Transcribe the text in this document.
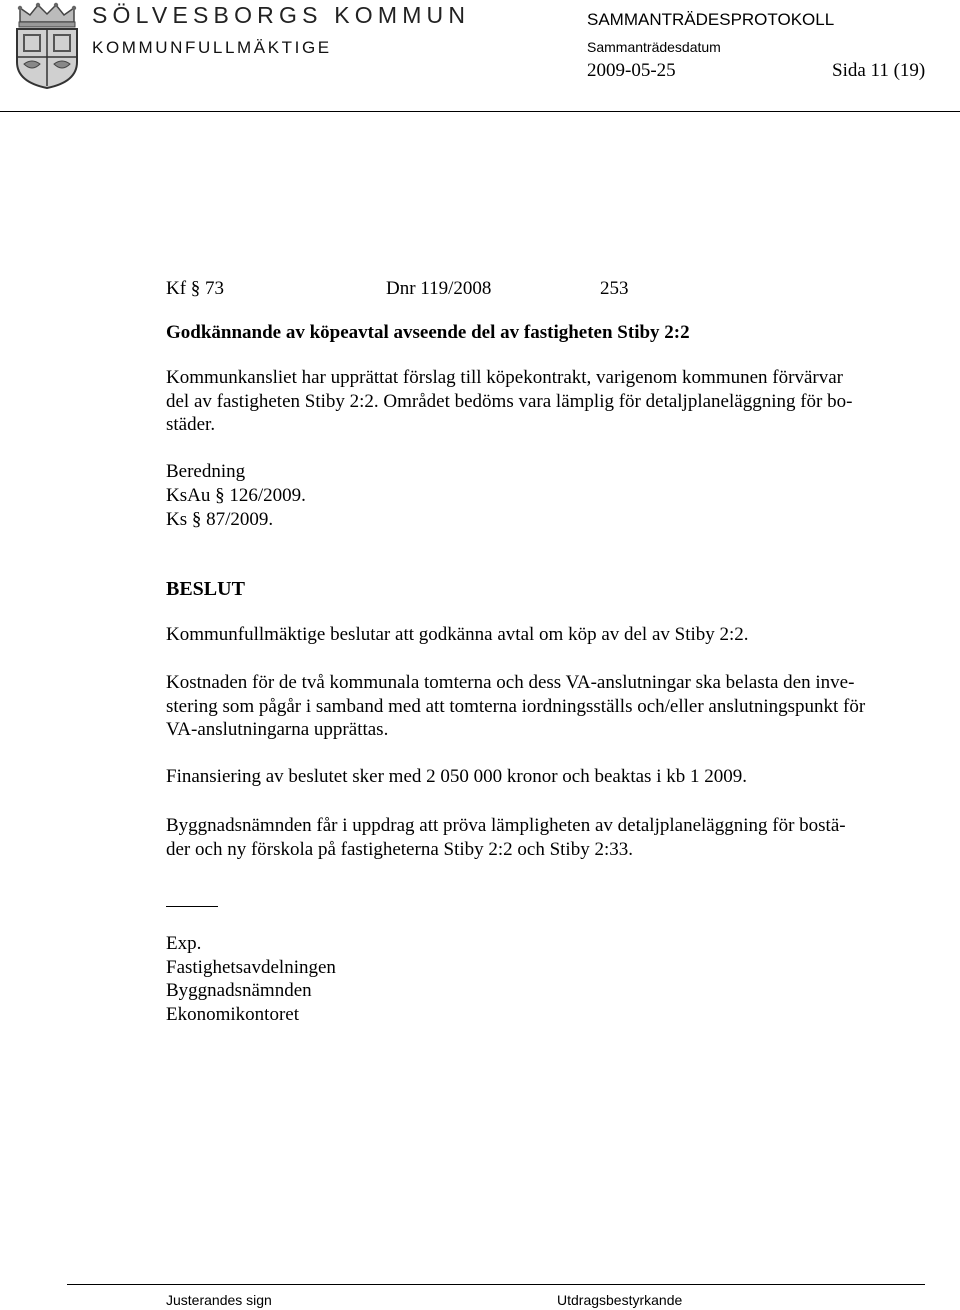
SÖLVESBORGS KOMMUN
KOMMUNFULLMÄKTIGE
SAMMANTRÄDESPROTOKOLL
Sammanträdesdatum
2009-05-25	Sida 11 (19)
Kf § 73	Dnr 119/2008	253
Godkännande av köpeavtal avseende del av fastigheten Stiby 2:2
Kommunkansliet har upprättat förslag till köpekontrakt, varigenom kommunen förvärvar
del av fastigheten Stiby 2:2. Området bedöms vara lämplig för detaljplaneläggning för bo-
städer.
Beredning
KsAu § 126/2009.
Ks § 87/2009.
BESLUT
Kommunfullmäktige beslutar att godkänna avtal om köp av del av Stiby 2:2.
Kostnaden för de två kommunala tomterna och dess VA-anslutningar ska belasta den inve-
stering som pågår i samband med att tomterna iordningsställs och/eller anslutningspunkt för
VA-anslutningarna upprättas.
Finansiering av beslutet sker med 2 050 000 kronor och beaktas i kb 1 2009.
Byggnadsnämnden får i uppdrag att pröva lämpligheten av detaljplaneläggning för bostä-
der och ny förskola på fastigheterna Stiby 2:2 och Stiby 2:33.
Exp.
Fastighetsavdelningen
Byggnadsnämnden
Ekonomikontoret
Justerandes sign	Utdragsbestyrkande
